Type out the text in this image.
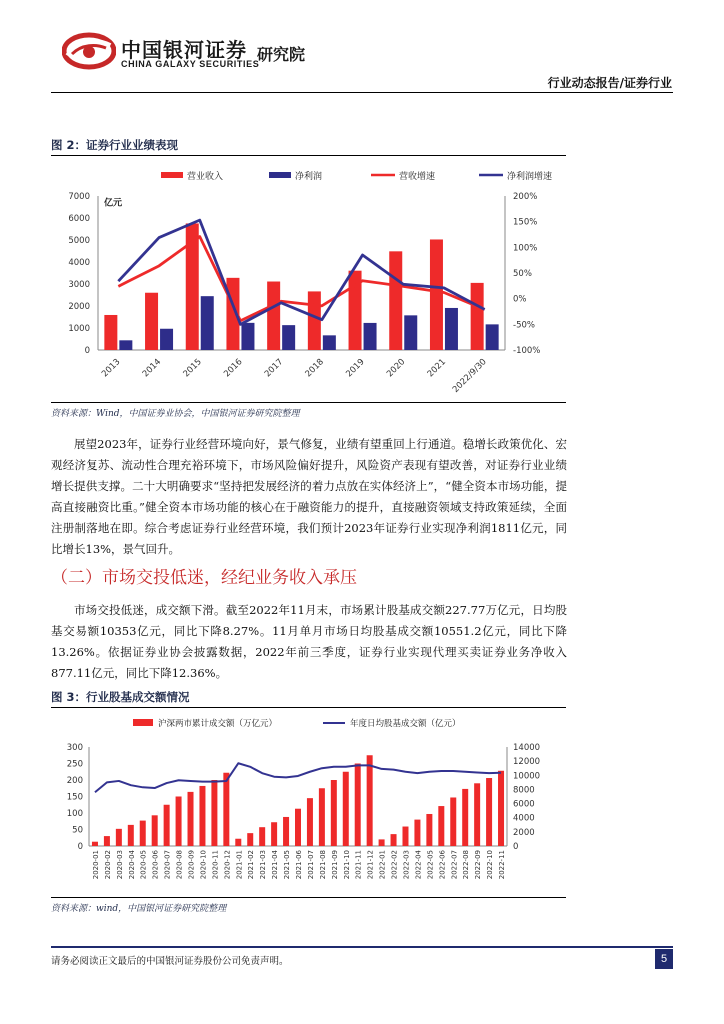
中国银河证券
CHINA GALAXY SECURITIES
研究院
行业动态报告/证券行业
图 2：证券行业业绩表现
营业收入	净利润	营收增速	净利润增速
亿元
0
1000
2000
3000
4000
5000
6000
7000	200%
150%
100%
50%
0%
-50%
-100%
2013 2014 2015 2016 2017 2018 2019 2020 2021 2022/9/30
资料来源：Wind，中国证券业协会，中国银河证券研究院整理

展望2023年，证券行业经营环境向好，景气修复，业绩有望重回上行通道。稳增长政策优化、宏观经济复苏、流动性合理充裕环境下，市场风险偏好提升，风险资产表现有望改善，对证券行业业绩增长提供支撑。二十大明确要求“坚持把发展经济的着力点放在实体经济上”，“健全资本市场功能，提高直接融资比重。”健全资本市场功能的核心在于融资能力的提升，直接融资领域支持政策延续，全面注册制落地在即。综合考虑证券行业经营环境，我们预计2023年证券行业实现净利润1811亿元，同比增长13%，景气回升。

（二）市场交投低迷，经纪业务收入承压

市场交投低迷，成交额下滑。截至2022年11月末，市场累计股基成交额227.77万亿元，日均股基交易额10353亿元，同比下降8.27%。11月单月市场日均股基成交额10551.2亿元，同比下降13.26%。依据证券业协会披露数据，2022年前三季度，证券行业实现代理买卖证券业务净收入877.11亿元，同比下降12.36%。

图 3：行业股基成交额情况
沪深两市累计成交额（万亿元）	年度日均股基成交额（亿元）
0
50
100
150
200
250
300
0
2000
4000
6000
8000
10000
12000
14000
2020-01 2020-02 2020-03 2020-04 2020-05 2020-06 2020-07 2020-08 2020-09 2020-10 2020-11 2020-12 2021-01 2021-02 2021-03 2021-04 2021-05 2021-06 2021-07 2021-08 2021-09 2021-10 2021-11 2021-12 2022-01 2022-02 2022-03 2022-04 2022-05 2022-06 2022-07 2022-08 2022-09 2022-10 2022-11
资料来源：wind，中国银河证券研究院整理
请务必阅读正文最后的中国银河证券股份公司免责声明。	5
